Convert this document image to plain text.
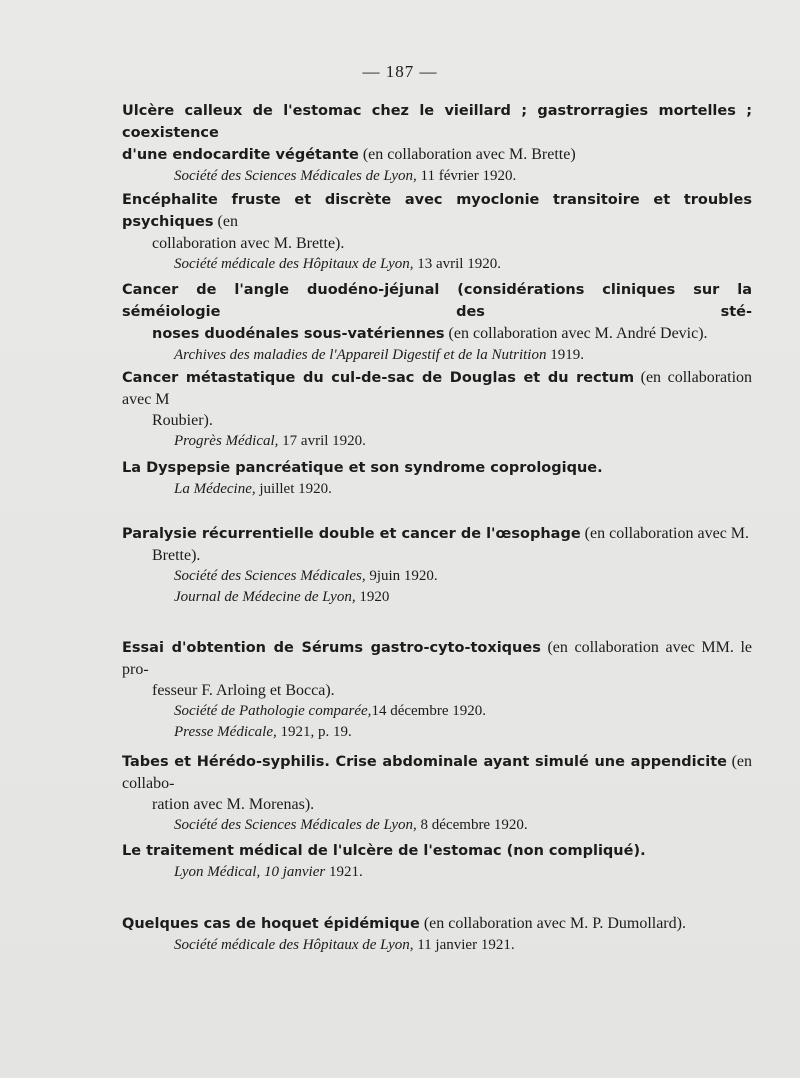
— 187 —

Ulcère calleux de l'estomac chez le vieillard ; gastrorragies mortelles ; coexistence

d'une endocardite végétante (en collaboration avec M. Brette)

Société des Sciences Médicales de Lyon, 11 février 1920.

Encéphalite fruste et discrète avec myoclonie transitoire et troubles psychiques (en

collaboration avec M. Brette).

Société médicale des Hôpitaux de Lyon, 13 avril 1920.

Cancer de l'angle duodéno-jéjunal (considérations cliniques sur la séméiologie des sté-

noses duodénales sous-vatériennes (en collaboration avec M. André Devic).

Archives des maladies de l'Appareil Digestif et de la Nutrition 1919.

Cancer métastatique du cul-de-sac de Douglas et du rectum (en collaboration avec M

Roubier).

Progrès Médical, 17 avril 1920.

La Dyspepsie pancréatique et son syndrome coprologique.

La Médecine, juillet 1920.

Paralysie récurrentielle double et cancer de l'œsophage (en collaboration avec M.

Brette).

Société des Sciences Médicales, 9juin 1920.

Journal de Médecine de Lyon, 1920

Essai d'obtention de Sérums gastro-cyto-toxiques (en collaboration avec MM. le pro-

fesseur F. Arloing et Bocca).

Société de Pathologie comparée,14 décembre 1920.

Presse Médicale, 1921, p. 19.

Tabes et Hérédo-syphilis. Crise abdominale ayant simulé une appendicite (en collabo-

ration avec M. Morenas).

Société des Sciences Médicales de Lyon, 8 décembre 1920.

Le traitement médical de l'ulcère de l'estomac (non compliqué).

Lyon Médical, 10 janvier 1921.

Quelques cas de hoquet épidémique (en collaboration avec M. P. Dumollard).

Société médicale des Hôpitaux de Lyon, 11 janvier 1921.
